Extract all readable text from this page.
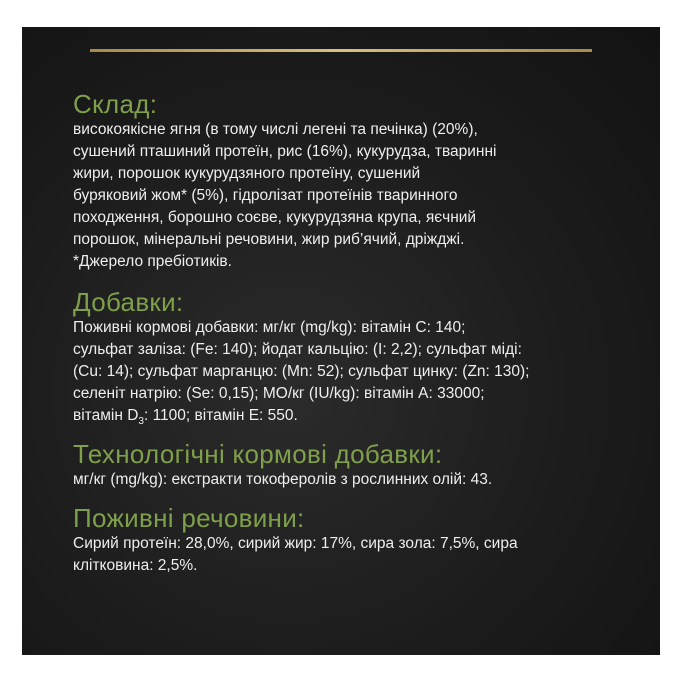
Склад:
високоякісне ягня (в тому числі легені та печінка) (20%),
сушений пташиний протеїн, рис (16%), кукурудза, тваринні
жири, порошок кукурудзяного протеїну, сушений
буряковий жом* (5%), гідролізат протеїнів тваринного
походження, борошно соєве, кукурудзяна крупа, яєчний
порошок, мінеральні речовини, жир риб’ячий, дріжджі.
*Джерело пребіотиків.
Добавки:
Поживні кормові добавки: мг/кг (mg/kg): вітамін С: 140;
сульфат заліза: (Fe: 140); йодат кальцію: (I: 2,2); сульфат міді:
(Cu: 14); сульфат марганцю: (Mn: 52); сульфат цинку: (Zn: 130);
селеніт натрію: (Se: 0,15); МО/кг (IU/kg): вітамін А: 33000;
вітамін $D_3$: 1100; вітамін Е: 550.
Технологічні кормові добавки:
мг/кг (mg/kg): екстракти токоферолів з рослинних олій: 43.
Поживні речовини:
Сирий протеїн: 28,0%, сирий жир: 17%, сира зола: 7,5%, сира
клітковина: 2,5%.
